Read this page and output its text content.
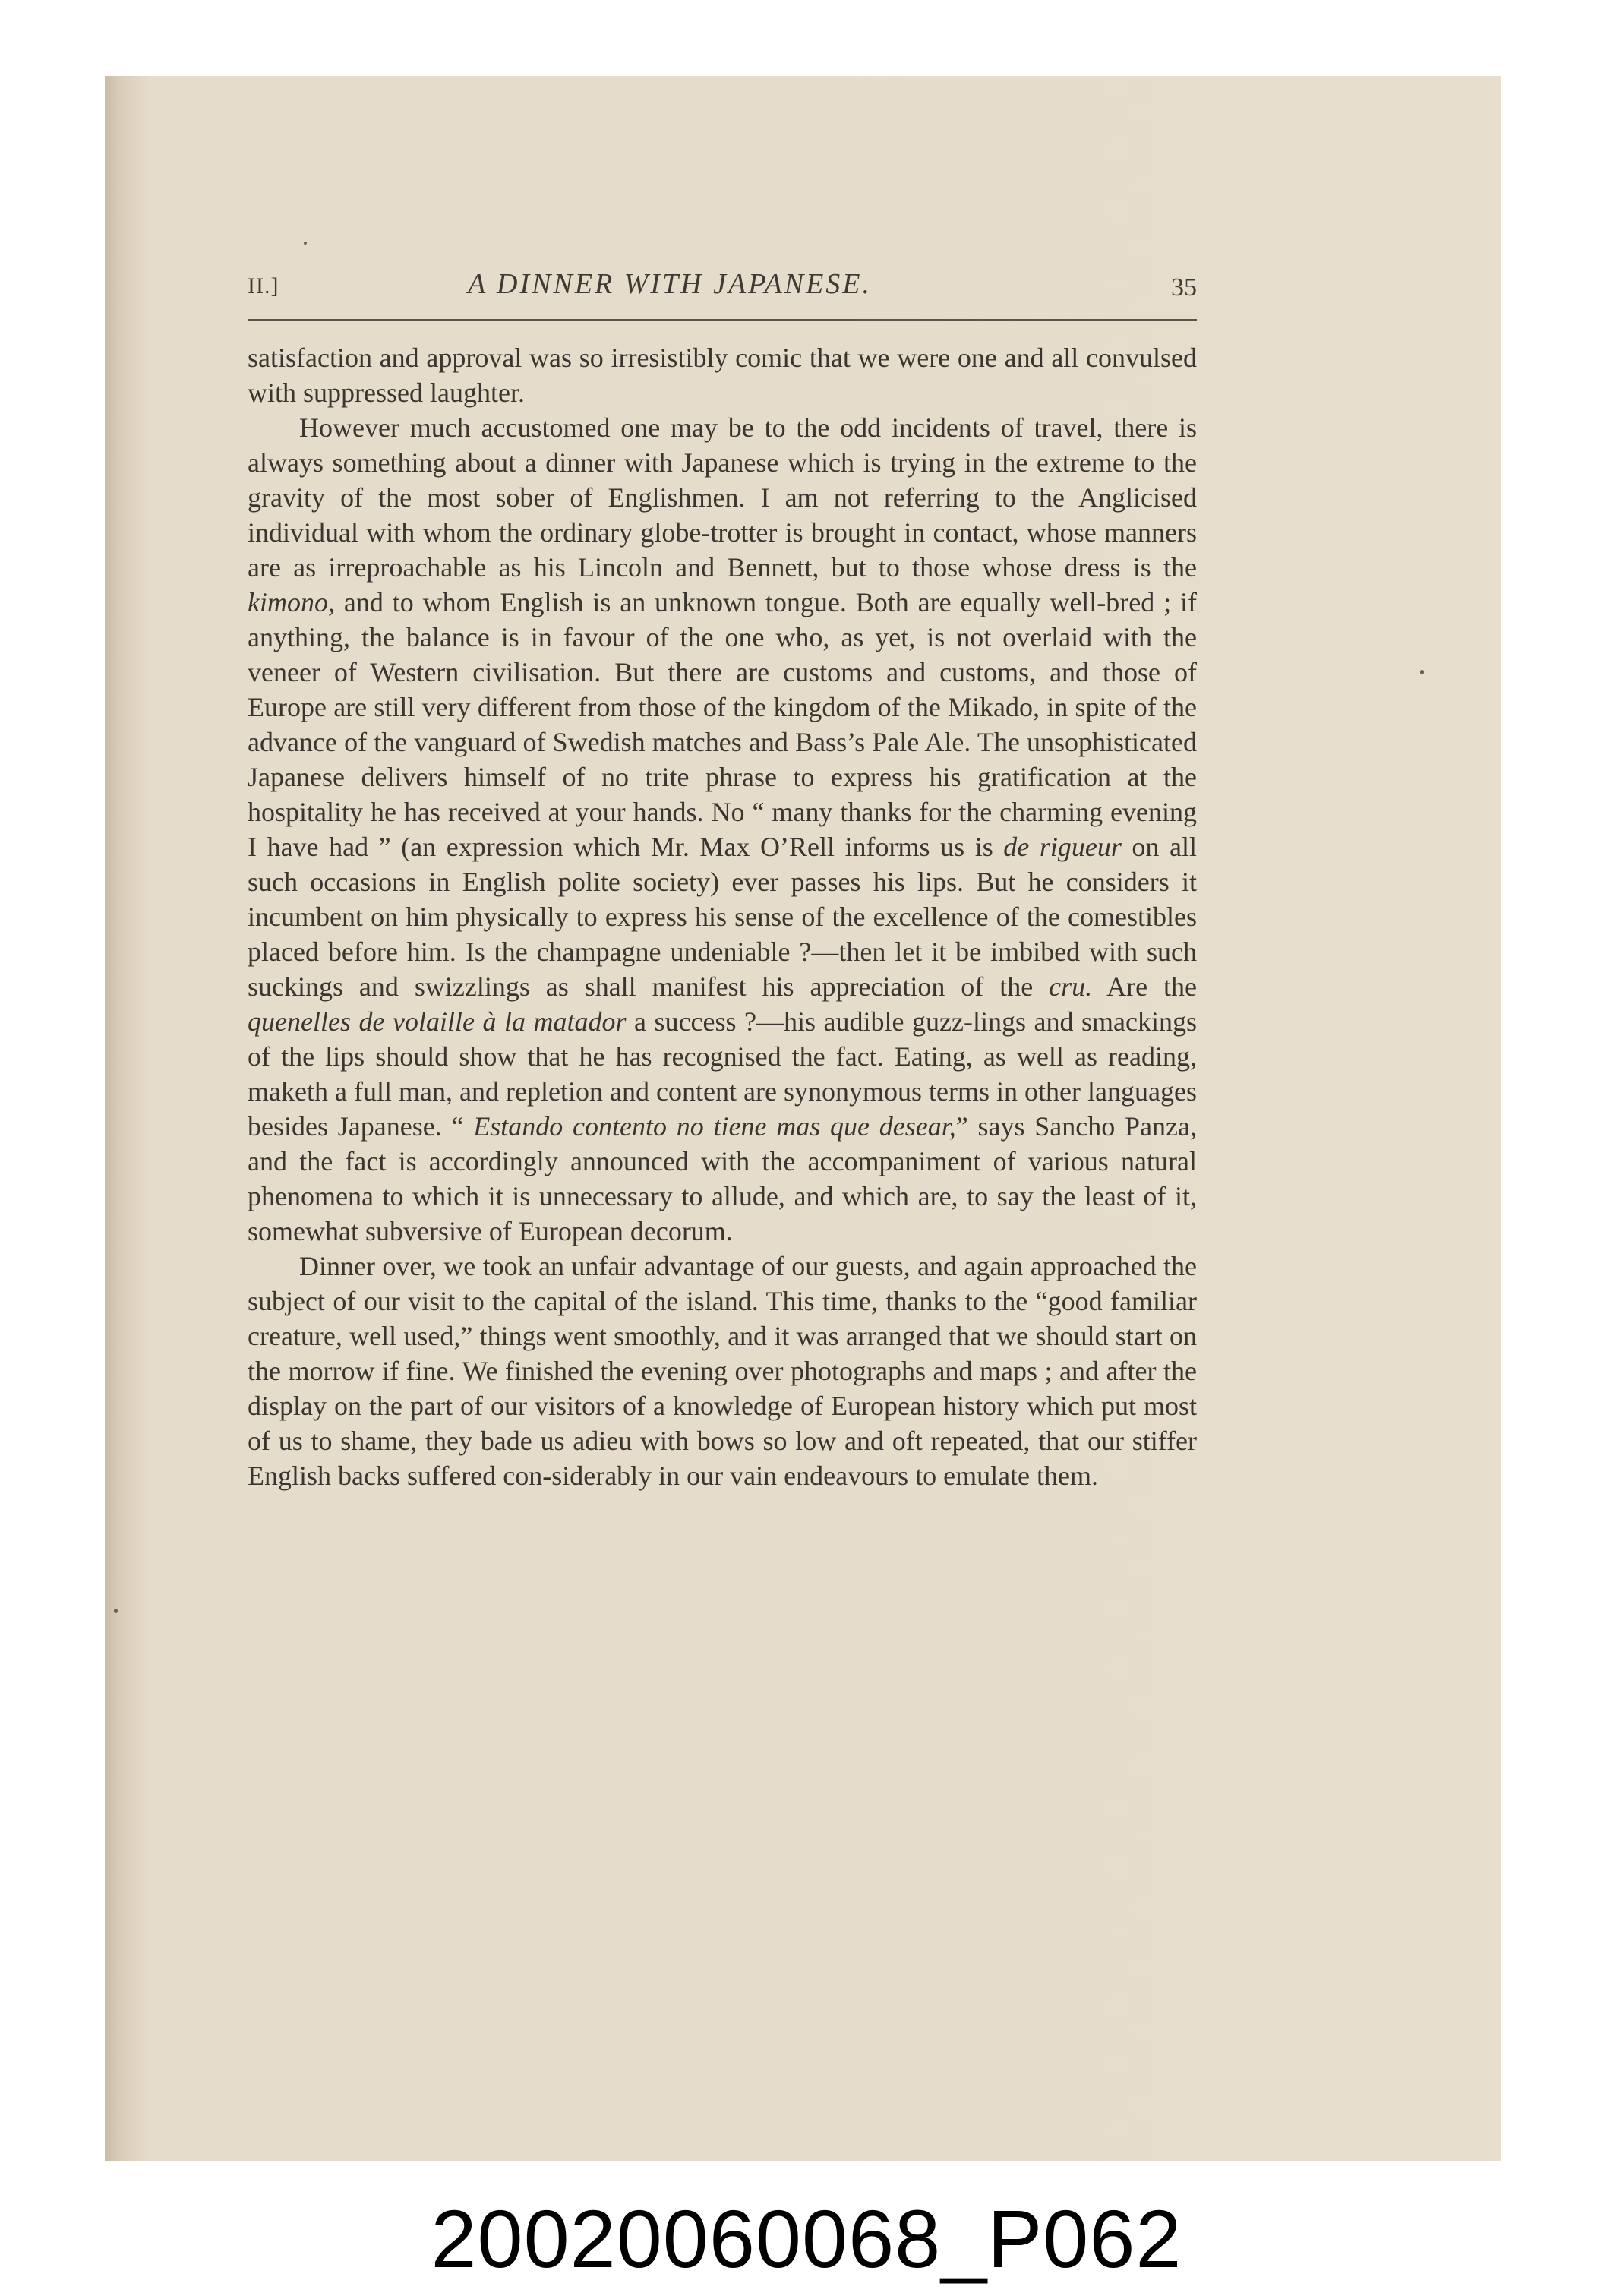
II.]	A DINNER WITH JAPANESE.	35

satisfaction and approval was so irresistibly comic that we were one and all convulsed with suppressed laughter.

However much accustomed one may be to the odd incidents of travel, there is always something about a dinner with Japanese which is trying in the extreme to the gravity of the most sober of Englishmen. I am not referring to the Anglicised individual with whom the ordinary globe-trotter is brought in contact, whose manners are as irreproachable as his Lincoln and Bennett, but to those whose dress is the kimono, and to whom English is an unknown tongue. Both are equally well-bred ; if anything, the balance is in favour of the one who, as yet, is not overlaid with the veneer of Western civilisation. But there are customs and customs, and those of Europe are still very different from those of the kingdom of the Mikado, in spite of the advance of the vanguard of Swedish matches and Bass’s Pale Ale. The unsophisticated Japanese delivers himself of no trite phrase to express his gratification at the hospitality he has received at your hands. No “ many thanks for the charming evening I have had ” (an expression which Mr. Max O’Rell informs us is de rigueur on all such occasions in English polite society) ever passes his lips. But he considers it incumbent on him physically to express his sense of the excellence of the comestibles placed before him. Is the champagne undeniable ?—then let it be imbibed with such suckings and swizzlings as shall manifest his appreciation of the cru. Are the quenelles de volaille à la matador a success ?—his audible guzz-lings and smackings of the lips should show that he has recognised the fact. Eating, as well as reading, maketh a full man, and repletion and content are synonymous terms in other languages besides Japanese. “ Estando contento no tiene mas que desear,” says Sancho Panza, and the fact is accordingly announced with the accompaniment of various natural phenomena to which it is unnecessary to allude, and which are, to say the least of it, somewhat subversive of European decorum.

Dinner over, we took an unfair advantage of our guests, and again approached the subject of our visit to the capital of the island. This time, thanks to the “good familiar creature, well used,” things went smoothly, and it was arranged that we should start on the morrow if fine. We finished the evening over photographs and maps ; and after the display on the part of our visitors of a knowledge of European history which put most of us to shame, they bade us adieu with bows so low and oft repeated, that our stiffer English backs suffered con-siderably in our vain endeavours to emulate them.

20020060068_P062
